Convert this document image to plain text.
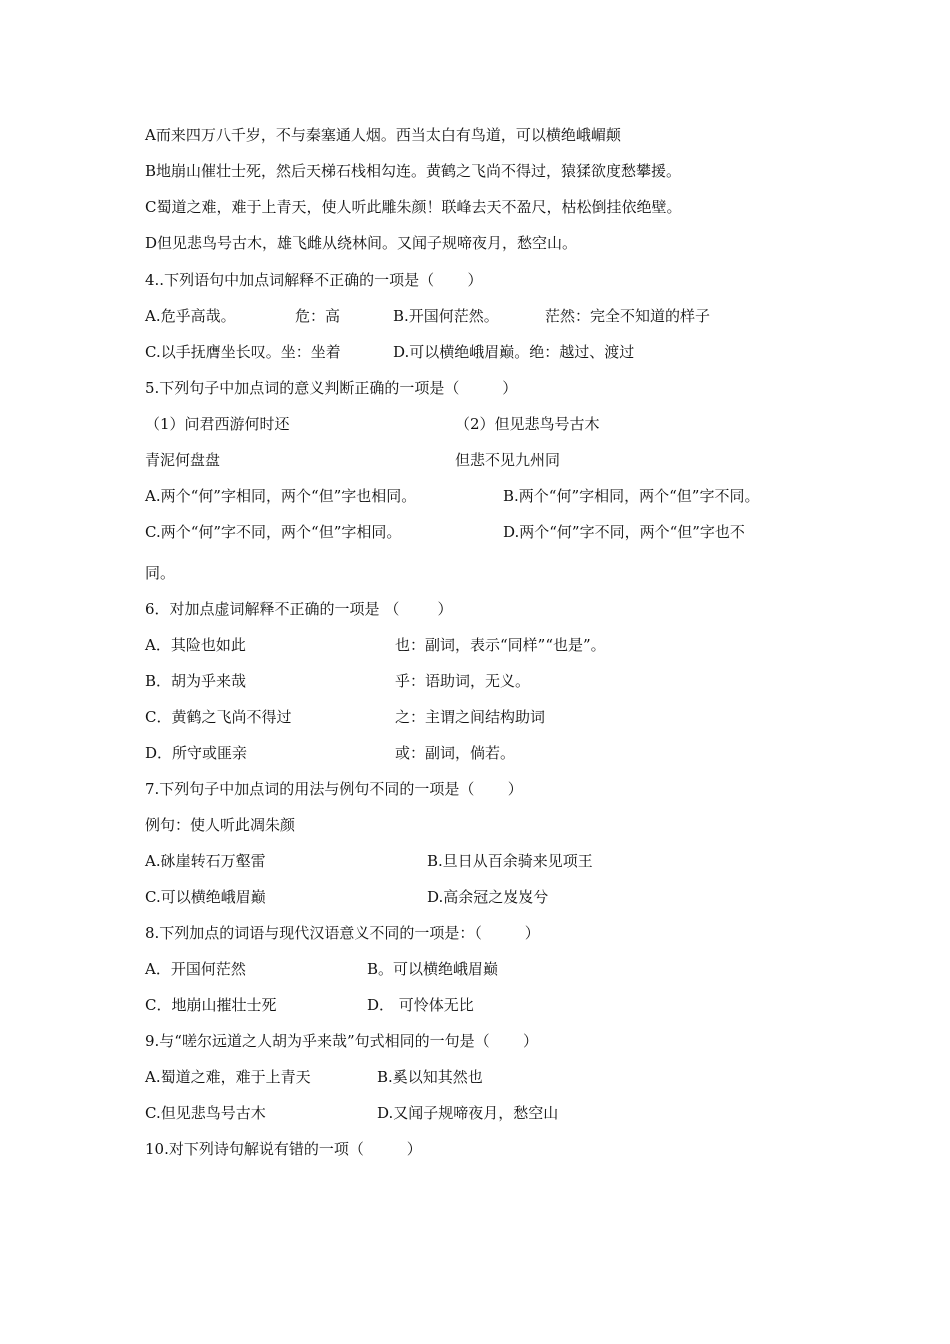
A而来四万八千岁，不与秦塞通人烟。西当太白有鸟道，可以横绝峨嵋颠
B地崩山催壮士死，然后天梯石栈相勾连。黄鹤之飞尚不得过，猿猱欲度愁攀援。
C蜀道之难，难于上青天，使人听此雕朱颜！联峰去天不盈尺，枯松倒挂依绝壁。
D但见悲鸟号古木，雄飞雌从绕林间。又闻子规啼夜月，愁空山。
4..下列语句中加点词解释不正确的一项是（       ）

A.危乎高哉。

	危：高

	B.开国何茫然。

	茫然：完全不知道的样子

C.以手抚膺坐长叹。坐：坐着

	D.可以横绝峨眉巅。绝：越过、渡过

5.下列句子中加点词的意义判断正确的一项是（         ）

（1）问君西游何时还

	（2）但见悲鸟号古木

青泥何盘盘

	但悲不见九州同

A.两个“何”字相同，两个“但”字也相同。

	B.两个“何”字相同，两个“但”字不同。

C.两个“何”字不同，两个“但”字相同。

	D.两个“何”字不同，两个“但”字也不

同。
6．对加点虚词解释不正确的一项是 （        ）

A．其险也如此

	也：副词，表示“同样”“也是”。

B．胡为乎来哉

	乎：语助词，无义。

C．黄鹤之飞尚不得过

	之：主谓之间结构助词

D．所守或匪亲

	或：副词，倘若。

7.下列句子中加点词的用法与例句不同的一项是（       ）
例句：使人听此凋朱颜

A.砯崖转石万壑雷

	B.旦日从百余骑来见项王

C.可以横绝峨眉巅

	D.高余冠之岌岌兮

8.下列加点的词语与现代汉语意义不同的一项是：（         ）

A．开国何茫然

	B。可以横绝峨眉巅

C．地崩山摧壮士死

	D． 可怜体无比

9.与“嗟尔远道之人胡为乎来哉”句式相同的一句是（       ）

A.蜀道之难，难于上青天

	B.奚以知其然也

C.但见悲鸟号古木

	D.又闻子规啼夜月，愁空山

10.对下列诗句解说有错的一项（         ）
